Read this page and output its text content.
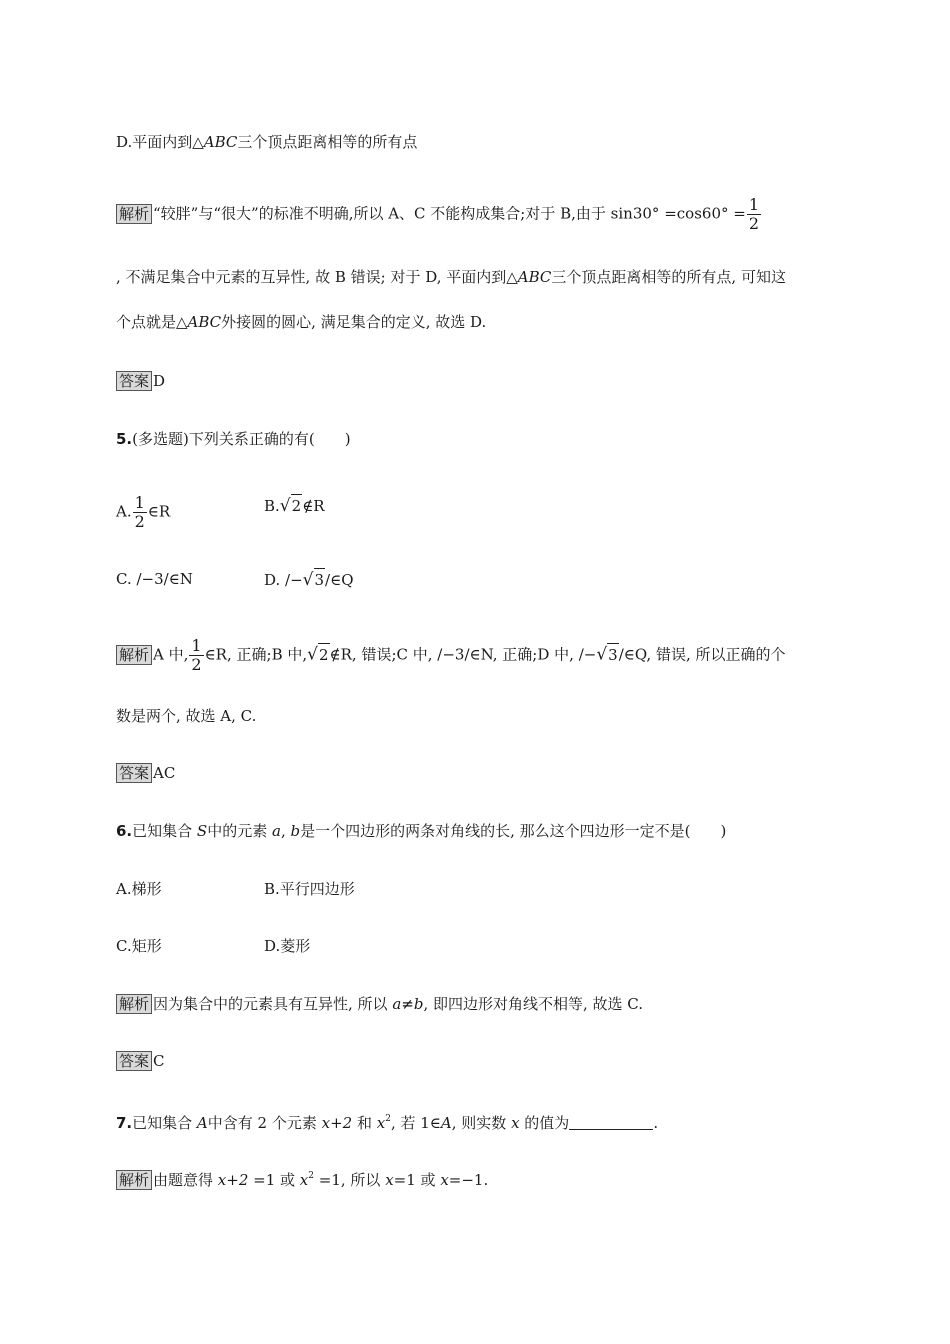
D.平面内到△ABC三个顶点距离相等的所有点
解析 “较胖”与“很大”的标准不明确,所以 A、C 不能构成集合;对于 B,由于 $\sin 30^\circ =\cos 60^\circ = \frac{1}{2}$
, 不满足集合中元素的互异性, 故 B 错误; 对于 D, 平面内到△ABC三个顶点距离相等的所有点, 可知这
个点就是△ABC外接圆的圆心, 满足集合的定义, 故选 D.
答案 D
5.(多选题)下列关系正确的有(　　)
A. $\frac{1}{2}$ ∈R	B.√2∉R
C. /−3/∈N	D. /−√3/∈Q
解析 A 中, $\frac{1}{2}$ ∈R, 正确;B 中,√2∉R, 错误;C 中, /−3/∈N, 正确;D 中, /−√3/∈Q, 错误, 所以正确的个
数是两个, 故选 A, C.
答案 AC
6.已知集合 S中的元素 a, b是一个四边形的两条对角线的长, 那么这个四边形一定不是(　　)
A.梯形	B.平行四边形
C.矩形	D.菱形
解析 因为集合中的元素具有互异性, 所以 a≠b, 即四边形对角线不相等, 故选 C.
答案 C
7.已知集合 A中含有 2 个元素 x+2 和 $x^2$, 若 1∈A, 则实数 x 的值为	.
解析 由题意得 x+2 =1 或 $x^2 =1$, 所以 x=1 或 x=−1.
